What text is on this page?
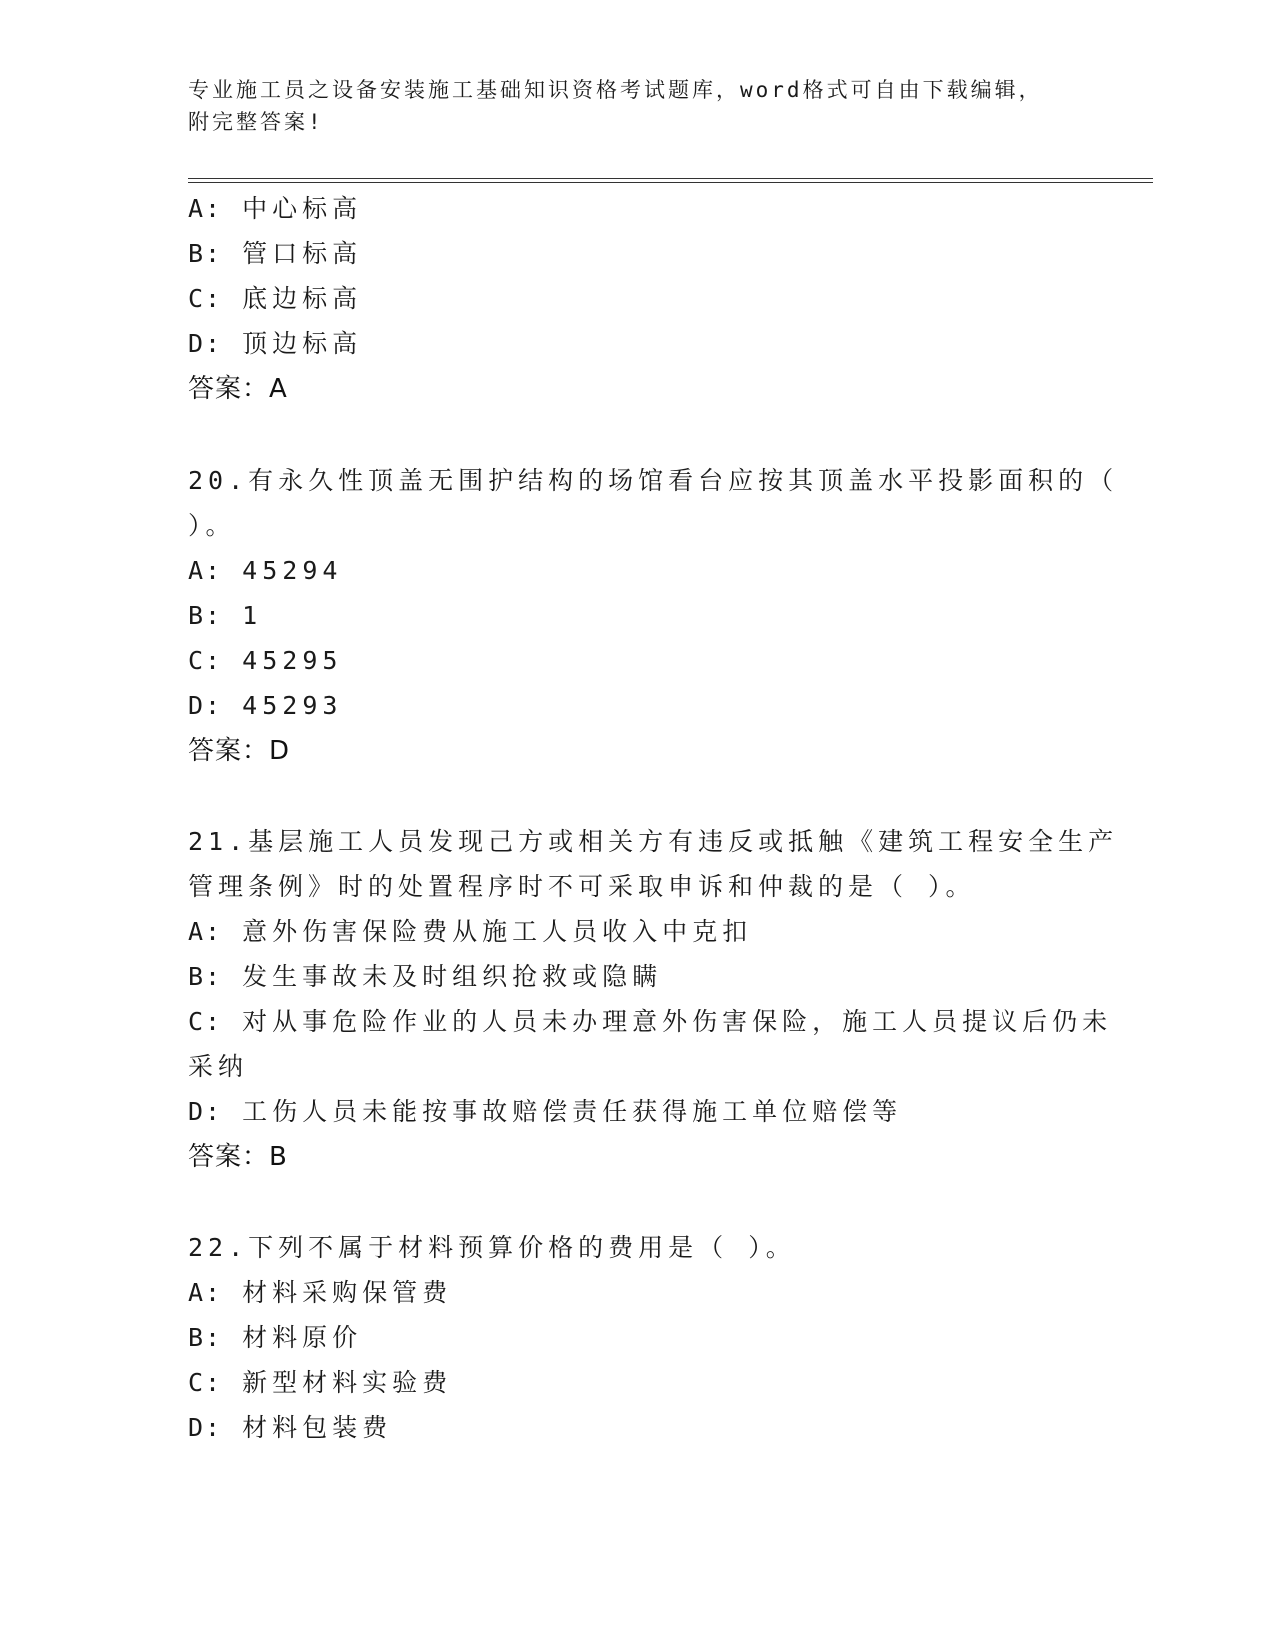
专业施工员之设备安装施工基础知识资格考试题库，word格式可自由下载编辑，
附完整答案!
A: 中心标高
B: 管口标高
C: 底边标高
D: 顶边标高
答案：A
20.有永久性顶盖无围护结构的场馆看台应按其顶盖水平投影面积的（
）。
A: 45294
B: 1
C: 45295
D: 45293
答案：D
21.基层施工人员发现己方或相关方有违反或抵触《建筑工程安全生产
管理条例》时的处置程序时不可采取申诉和仲裁的是（ ）。
A: 意外伤害保险费从施工人员收入中克扣
B: 发生事故未及时组织抢救或隐瞒
C: 对从事危险作业的人员未办理意外伤害保险，施工人员提议后仍未
采纳
D: 工伤人员未能按事故赔偿责任获得施工单位赔偿等
答案：B
22.下列不属于材料预算价格的费用是（ ）。
A: 材料采购保管费
B: 材料原价
C: 新型材料实验费
D: 材料包装费
